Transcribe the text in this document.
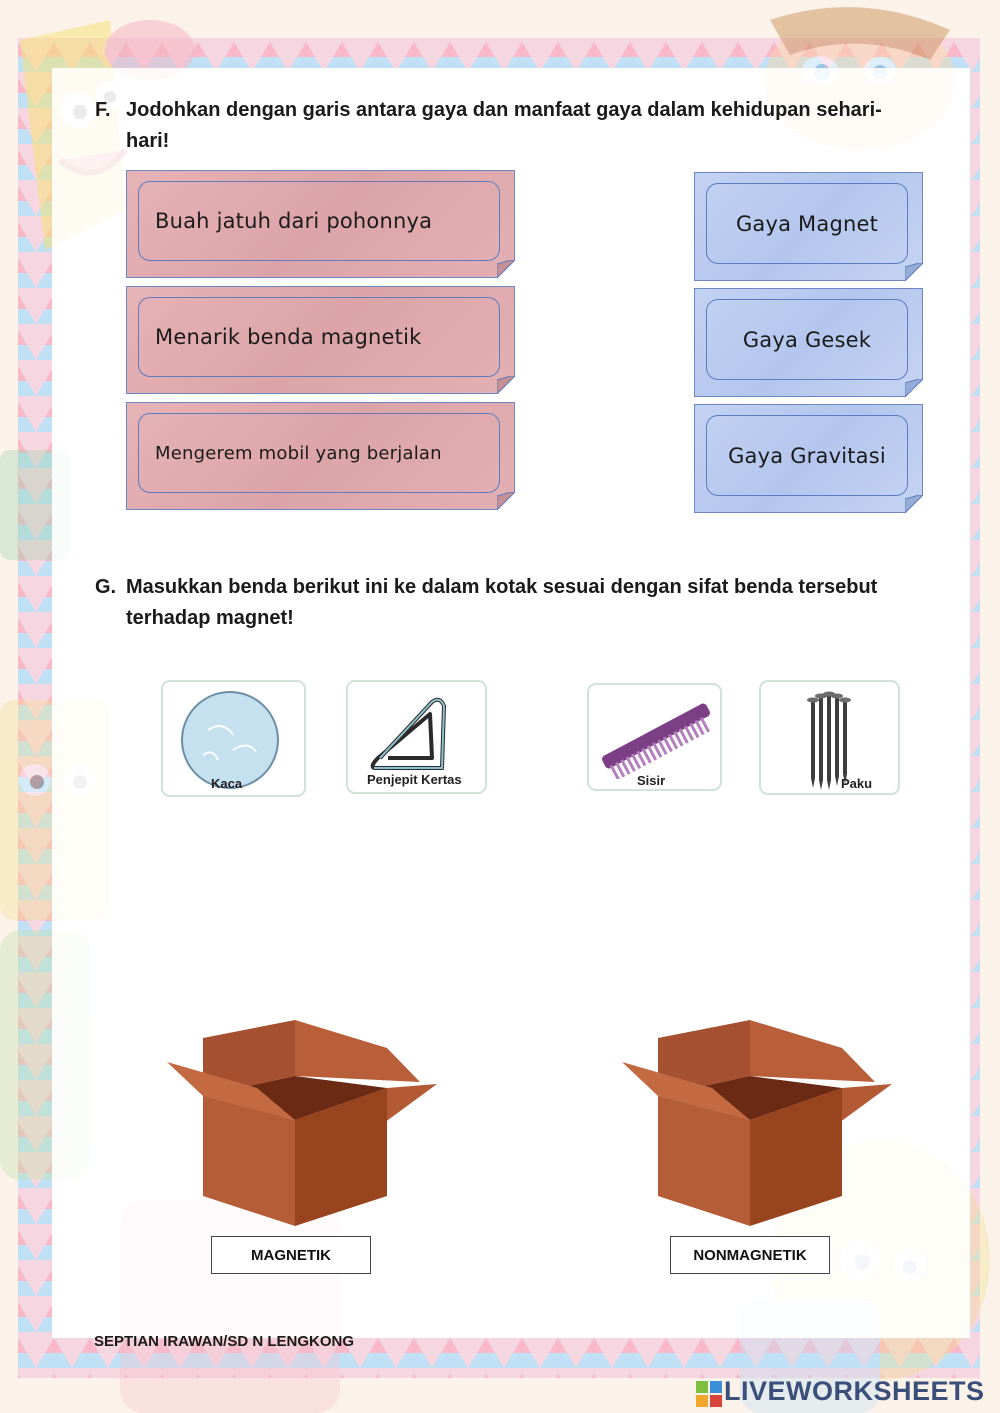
F. Jodohkan dengan garis antara gaya dan manfaat gaya dalam kehidupan sehari-
hari!
Buah jatuh dari pohonnya
Menarik benda magnetik
Mengerem mobil yang berjalan
Gaya Magnet
Gaya Gesek
Gaya Gravitasi
G. Masukkan benda berikut ini ke dalam kotak sesuai dengan sifat benda tersebut
terhadap magnet!
Kaca	Penjepit Kertas	Sisir	Paku
MAGNETIK	NONMAGNETIK
SEPTIAN IRAWAN/SD N LENGKONG
LIVEWORKSHEETS
